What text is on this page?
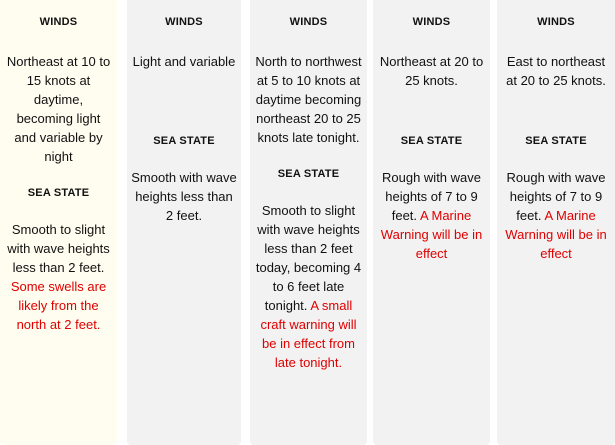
WINDS

Northeast at 10 to 15 knots at daytime, becoming light and variable by night

SEA STATE

Smooth to slight with wave heights less than 2 feet. Some swells are likely from the north at 2 feet.

WINDS

Light and variable

SEA STATE

Smooth with wave heights less than 2 feet.

WINDS

North to northwest at 5 to 10 knots at daytime becoming northeast 20 to 25 knots late tonight.

SEA STATE

Smooth to slight with wave heights less than 2 feet today, becoming 4 to 6 feet late tonight. A small craft warning will be in effect from late tonight.

WINDS

Northeast at 20 to 25 knots.

SEA STATE

Rough with wave heights of 7 to 9 feet. A Marine Warning will be in effect

WINDS

East to northeast at 20 to 25 knots.

SEA STATE

Rough with wave heights of 7 to 9 feet. A Marine Warning will be in effect
